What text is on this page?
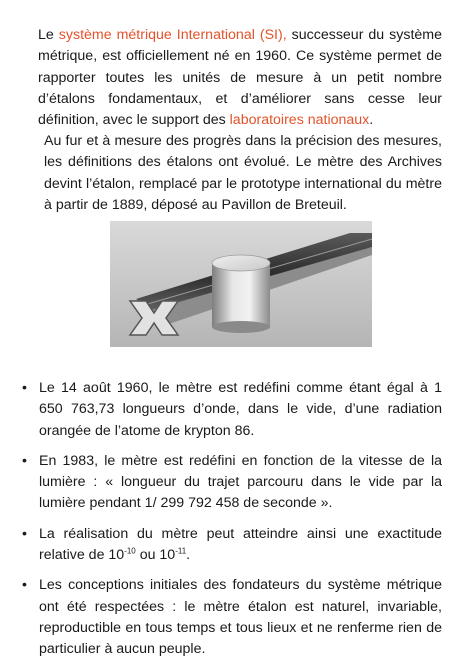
Le système métrique International (SI), successeur du système métrique, est officiellement né en 1960. Ce système permet de rapporter toutes les unités de mesure à un petit nombre d’étalons fondamentaux, et d’améliorer sans cesse leur définition, avec le support des laboratoires nationaux.

Au fur et à mesure des progrès dans la précision des mesures, les définitions des étalons ont évolué. Le mètre des Archives devint l’étalon, remplacé par le prototype international du mètre à partir de 1889, déposé au Pavillon de Breteuil.

• Le 14 août 1960, le mètre est redéfini comme étant égal à 1 650 763,73 longueurs d’onde, dans le vide, d’une radiation orangée de l’atome de krypton 86.
• En 1983, le mètre est redéfini en fonction de la vitesse de la lumière : « longueur du trajet parcouru dans le vide par la lumière pendant 1/ 299 792 458 de seconde ».
• La réalisation du mètre peut atteindre ainsi une exactitude relative de $10^{-10}$ ou $10^{-11}$.
• Les conceptions initiales des fondateurs du système métrique ont été respectées : le mètre étalon est naturel, invariable, reproductible en tous temps et tous lieux et ne renferme rien de particulier à aucun peuple.
